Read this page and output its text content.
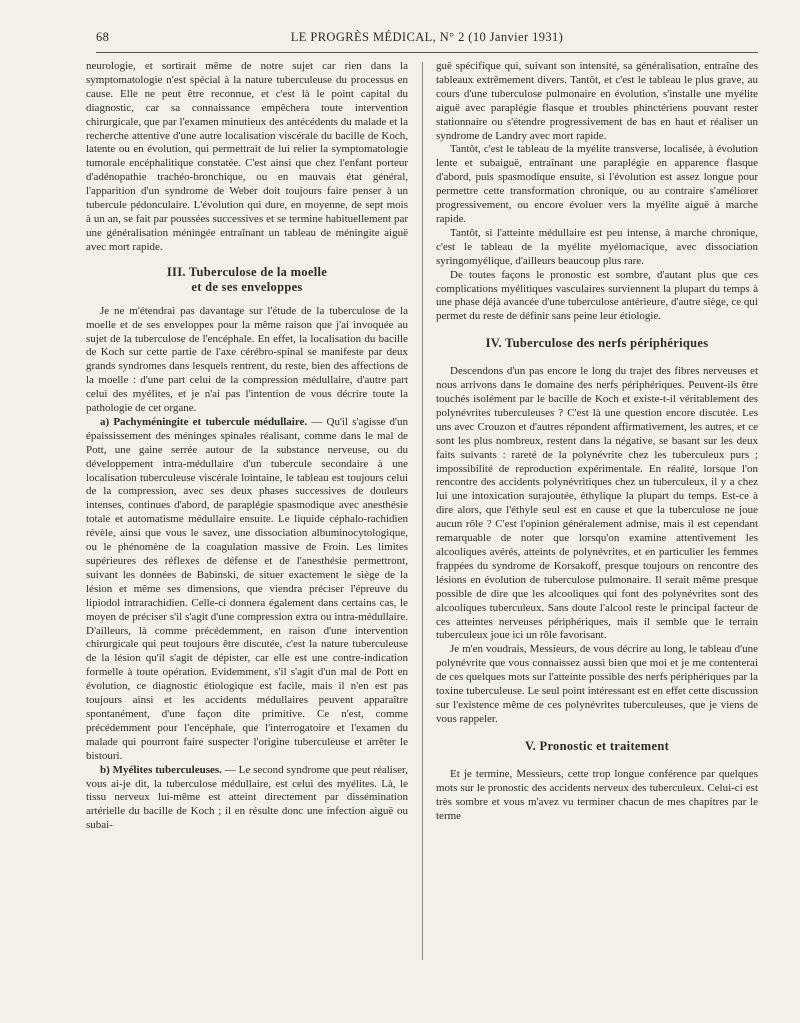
68	LE PROGRÈS MÉDICAL, N° 2 (10 Janvier 1931)

neurologie, et sortirait même de notre sujet car rien dans la symptomatologie n'est spécial à la nature tuberculeuse du processus en cause. Elle ne peut être reconnue, et c'est là le point capital du diagnostic, car sa connaissance empêchera toute intervention chirurgicale, que par l'examen minutieux des antécédents du malade et la recherche attentive d'une autre localisation viscérale du bacille de Koch, latente ou en évolution, qui permettrait de lui relier la symptomatologie tumorale encéphalitique constatée. C'est ainsi que chez l'enfant porteur d'adénopathie trachéo-bronchique, ou en mauvais état général, l'apparition d'un syndrome de Weber doit toujours faire penser à un tubercule pédonculaire. L'évolution qui dure, en moyenne, de sept mois à un an, se fait par poussées successives et se termine habituellement par une généralisation méningée entraînant un tableau de méningite aiguë avec mort rapide.

III. Tuberculose de la moelle
et de ses enveloppes

Je ne m'étendrai pas davantage sur l'étude de la tuberculose de la moelle et de ses enveloppes pour la même raison que j'ai invoquée au sujet de la tuberculose de l'encéphale. En effet, la localisation du bacille de Koch sur cette partie de l'axe cérébro-spinal se manifeste par deux grands syndromes dans lesquels rentrent, du reste, bien des affections de la moelle : d'une part celui de la compression médullaire, d'autre part celui des myélites, et je n'ai pas l'intention de vous décrire toute la pathologie de cet organe.

a) Pachyméningite et tubercule médullaire. — Qu'il s'agisse d'un épaississement des méninges spinales réalisant, comme dans le mal de Pott, une gaine serrée autour de la substance nerveuse, ou du développement intra-médullaire d'un tubercule secondaire à une localisation tuberculeuse viscérale lointaine, le tableau est toujours celui de la compression, avec ses deux phases successives de douleurs intenses, continues d'abord, de paraplégie spasmodique avec anesthésie totale et automatisme médullaire ensuite. Le liquide céphalo-rachidien révèle, ainsi que vous le savez, une dissociation albuminocytologique, ou le phénomène de la coagulation massive de Froin. Les limites supérieures des réflexes de défense et de l'anesthésie permettront, suivant les données de Babinski, de situer exactement le siège de la lésion et même ses dimensions, que viendra préciser l'épreuve du lipiodol intrarachidien. Celle-ci donnera également dans certains cas, le moyen de préciser s'il s'agit d'une compression extra ou intra-médullaire. D'ailleurs, là comme précédemment, en raison d'une intervention chirurgicale qui peut toujours être discutée, c'est la nature tuberculeuse de la lésion qu'il s'agit de dépister, car elle est une contre-indication formelle à toute opération. Evidemment, s'il s'agit d'un mal de Pott en évolution, ce diagnostic étiologique est facile, mais il n'en est pas toujours ainsi et les accidents médullaires peuvent apparaître spontanément, d'une façon dite primitive. Ce n'est, comme précédemment pour l'encéphale, que l'interrogatoire et l'examen du malade qui pourront faire suspecter l'origine tuberculeuse et arrêter le bistouri.

b) Myélites tuberculeuses. — Le second syndrome que peut réaliser, vous ai-je dit, la tuberculose médullaire, est celui des myélites. Là, le tissu nerveux lui-même est atteint directement par dissémination artérielle du bacille de Koch ; il en résulte donc une infection aiguë ou subai-

guë spécifique qui, suivant son intensité, sa généralisation, entraîne des tableaux extrêmement divers. Tantôt, et c'est le tableau le plus grave, au cours d'une tuberculose pulmonaire en évolution, s'installe une myélite aiguë avec paraplégie flasque et troubles phinctériens pouvant rester stationnaire ou s'étendre progressivement de bas en haut et réaliser un syndrome de Landry avec mort rapide.

Tantôt, c'est le tableau de la myélite transverse, localisée, à évolution lente et subaiguë, entraînant une paraplégie en apparence flasque d'abord, puis spasmodique ensuite, si l'évolution est assez longue pour permettre cette transformation chronique, ou au contraire s'améliorer progressivement, ou encore évoluer vers la myélite aiguë à marche rapide.

Tantôt, si l'atteinte médullaire est peu intense, à marche chronique, c'est le tableau de la myélite myélomacique, avec dissociation syringomyélique, d'ailleurs beaucoup plus rare.

De toutes façons le pronostic est sombre, d'autant plus que ces complications myélitiques vasculaires surviennent la plupart du temps à une phase déjà avancée d'une tuberculose antérieure, d'autre siège, ce qui permet du reste de définir sans peine leur étiologie.

IV. Tuberculose des nerfs périphériques

Descendons d'un pas encore le long du trajet des fibres nerveuses et nous arrivons dans le domaine des nerfs périphériques. Peuvent-ils être touchés isolément par le bacille de Koch et existe-t-il véritablement des polynévrites tuberculeuses ? C'est là une question encore discutée. Les uns avec Crouzon et d'autres répondent affirmativement, les autres, et ce sont les plus nombreux, restent dans la négative, se basant sur les deux faits suivants : rareté de la polynévrite chez les tuberculeux purs ; impossibilité de reproduction expérimentale. En réalité, lorsque l'on rencontre des accidents polynévritiques chez un tuberculeux, il y a chez lui une intoxication surajoutée, éthylique la plupart du temps. Est-ce à dire alors, que l'éthyle seul est en cause et que la tuberculose ne joue aucun rôle ? C'est l'opinion généralement admise, mais il est cependant remarquable de noter que lorsqu'on examine attentivement les alcooliques avérés, atteints de polynévrites, et en particulier les femmes frappées du syndrome de Korsakoff, presque toujours on rencontre des lésions en évolution de tuberculose pulmonaire. Il serait même presque possible de dire que les alcooliques qui font des polynévrites sont des alcooliques tuberculeux. Sans doute l'alcool reste le principal facteur de ces atteintes nerveuses périphériques, mais il semble que le terrain tuberculeux joue ici un rôle favorisant.

Je m'en voudrais, Messieurs, de vous décrire au long, le tableau d'une polynévrite que vous connaissez aussi bien que moi et je me contenterai de ces quelques mots sur l'atteinte possible des nerfs périphériques par la toxine tuberculeuse. Le seul point intéressant est en effet cette discussion sur l'existence même de ces polynévrites tuberculeuses, que je viens de vous rappeler.

V. Pronostic et traitement

Et je termine, Messieurs, cette trop longue conférence par quelques mots sur le pronostic des accidents nerveux des tuberculeux. Celui-ci est très sombre et vous m'avez vu terminer chacun de mes chapitres par le terme
